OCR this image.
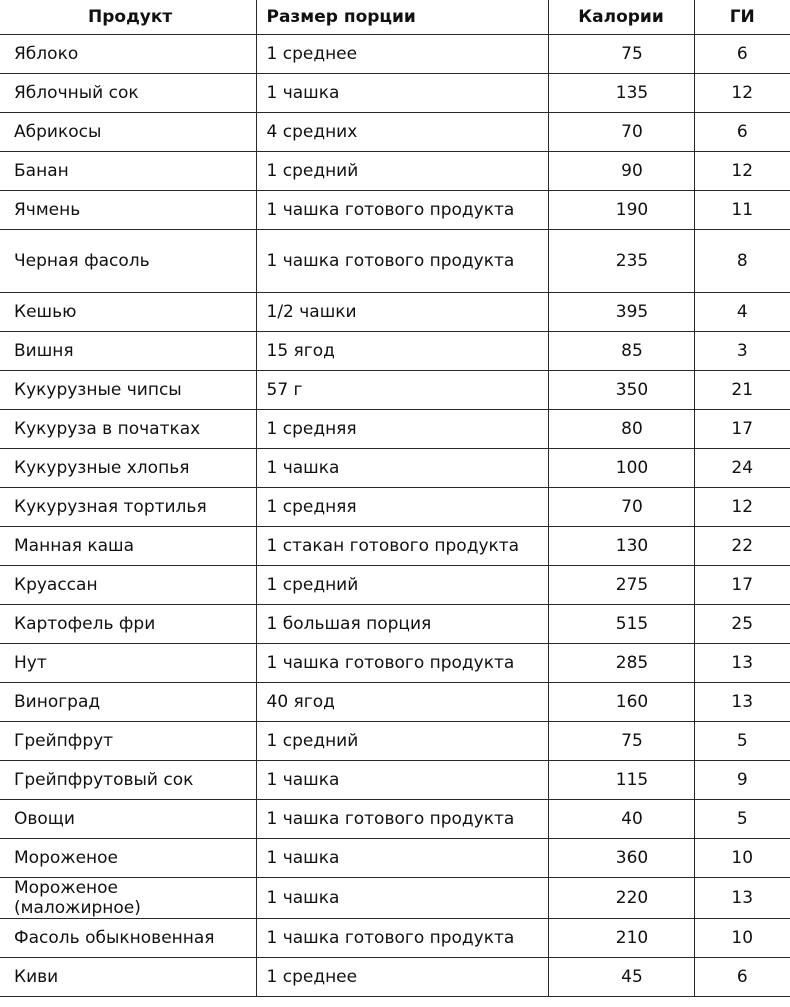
Продукт	Размер порции	Калории	ГИ
Яблоко	1 среднее	75	6
Яблочный сок	1 чашка	135	12
Абрикосы	4 средних	70	6
Банан	1 средний	90	12
Ячмень	1 чашка готового продукта	190	11
Черная фасоль	1 чашка готового продукта	235	8
Кешью	1/2 чашки	395	4
Вишня	15 ягод	85	3
Кукурузные чипсы	57 г	350	21
Кукуруза в початках	1 средняя	80	17
Кукурузные хлопья	1 чашка	100	24
Кукурузная тортилья	1 средняя	70	12
Манная каша	1 стакан готового продукта	130	22
Круассан	1 средний	275	17
Картофель фри	1 большая порция	515	25
Нут	1 чашка готового продукта	285	13
Виноград	40 ягод	160	13
Грейпфрут	1 средний	75	5
Грейпфрутовый сок	1 чашка	115	9
Овощи	1 чашка готового продукта	40	5
Мороженое	1 чашка	360	10
Мороженое (маложирное)	1 чашка	220	13
Фасоль обыкновенная	1 чашка готового продукта	210	10
Киви	1 среднее	45	6
